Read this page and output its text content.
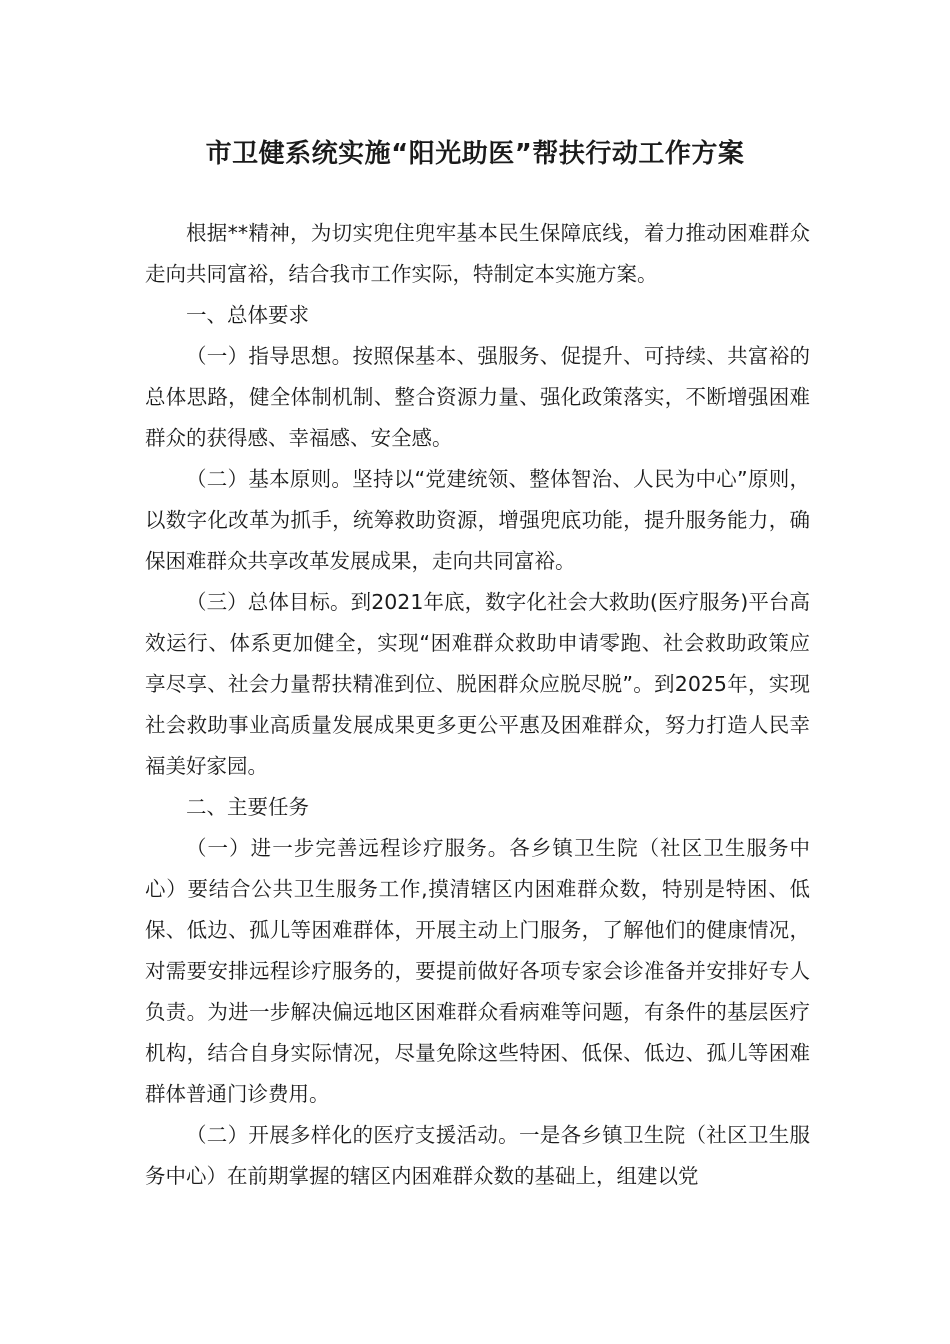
市卫健系统实施“阳光助医”帮扶行动工作方案

根据**精神，为切实兜住兜牢基本民生保障底线，着力推动困难群众走向共同富裕，结合我市工作实际，特制定本实施方案。

一、总体要求

（一）指导思想。按照保基本、强服务、促提升、可持续、共富裕的总体思路，健全体制机制、整合资源力量、强化政策落实，不断增强困难群众的获得感、幸福感、安全感。

（二）基本原则。坚持以“党建统领、整体智治、人民为中心”原则，以数字化改革为抓手，统筹救助资源，增强兜底功能，提升服务能力，确保困难群众共享改革发展成果，走向共同富裕。

（三）总体目标。到2021年底，数字化社会大救助(医疗服务)平台高效运行、体系更加健全，实现“困难群众救助申请零跑、社会救助政策应享尽享、社会力量帮扶精准到位、脱困群众应脱尽脱”。到2025年，实现社会救助事业高质量发展成果更多更公平惠及困难群众，努力打造人民幸福美好家园。

二、主要任务

（一）进一步完善远程诊疗服务。各乡镇卫生院（社区卫生服务中心）要结合公共卫生服务工作,摸清辖区内困难群众数，特别是特困、低保、低边、孤儿等困难群体，开展主动上门服务，了解他们的健康情况，对需要安排远程诊疗服务的，要提前做好各项专家会诊准备并安排好专人负责。为进一步解决偏远地区困难群众看病难等问题，有条件的基层医疗机构，结合自身实际情况，尽量免除这些特困、低保、低边、孤儿等困难群体普通门诊费用。

（二）开展多样化的医疗支援活动。一是各乡镇卫生院（社区卫生服务中心）在前期掌握的辖区内困难群众数的基础上，组建以党
